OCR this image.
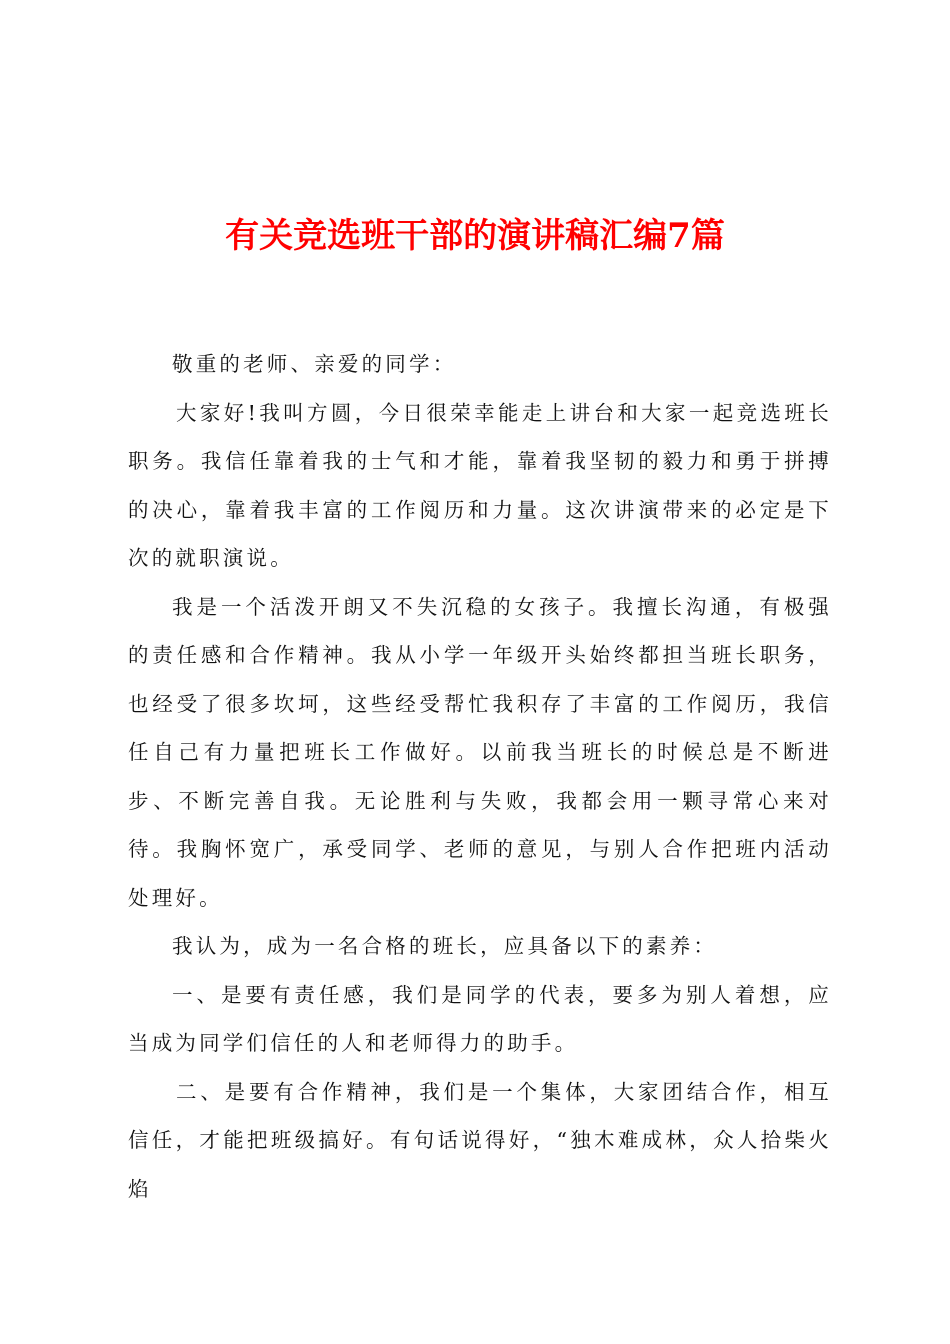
有关竞选班干部的演讲稿汇编7篇

敬重的老师、亲爱的同学：

大家好!我叫方圆，今日很荣幸能走上讲台和大家一起竞选班长职务。我信任靠着我的士气和才能，靠着我坚韧的毅力和勇于拼搏的决心，靠着我丰富的工作阅历和力量。这次讲演带来的必定是下次的就职演说。

我是一个活泼开朗又不失沉稳的女孩子。我擅长沟通，有极强的责任感和合作精神。我从小学一年级开头始终都担当班长职务，也经受了很多坎坷，这些经受帮忙我积存了丰富的工作阅历，我信任自己有力量把班长工作做好。以前我当班长的时候总是不断进步、不断完善自我。无论胜利与失败，我都会用一颗寻常心来对待。我胸怀宽广，承受同学、老师的意见，与别人合作把班内活动处理好。

我认为，成为一名合格的班长，应具备以下的素养：

一、是要有责任感，我们是同学的代表，要多为别人着想，应当成为同学们信任的人和老师得力的助手。

二、是要有合作精神，我们是一个集体，大家团结合作，相互信任，才能把班级搞好。有句话说得好，“独木难成林，众人拾柴火焰
